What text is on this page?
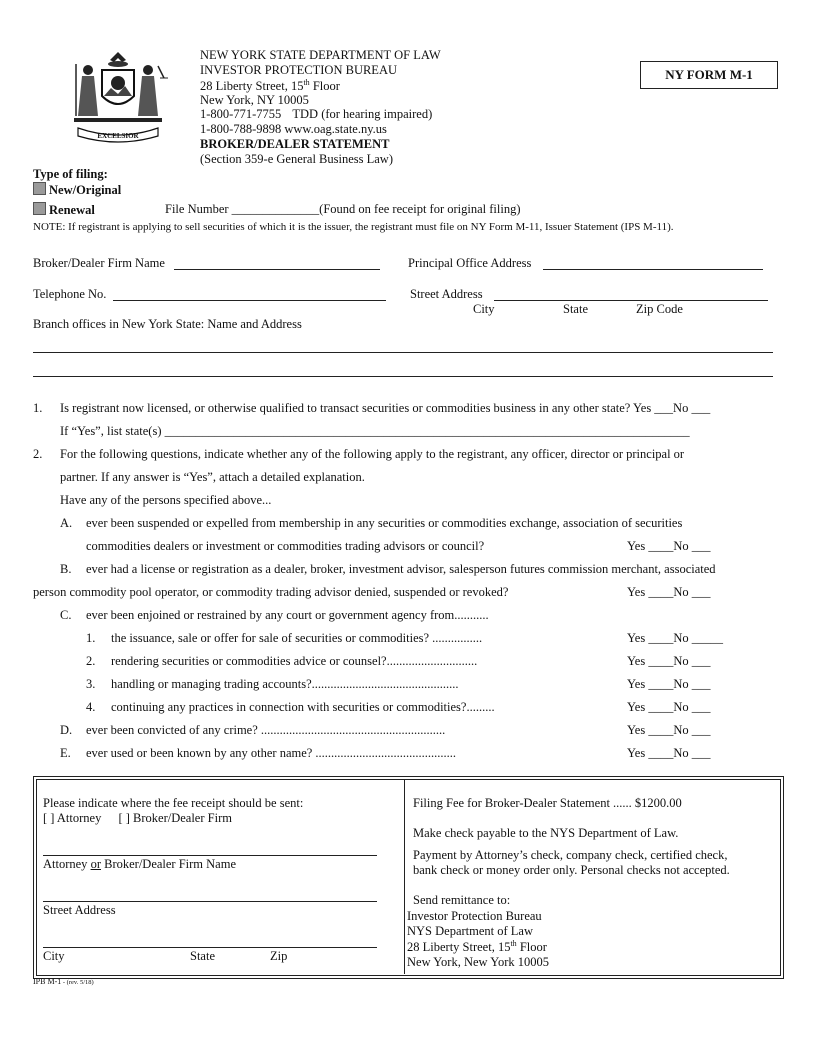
EXCELSIOR
NEW YORK STATE DEPARTMENT OF LAW
INVESTOR PROTECTION BUREAU
28 Liberty Street, 15th Floor
New York, NY 10005
1-800-771-7755 TDD (for hearing impaired)
1-800-788-9898 www.oag.state.ny.us
BROKER/DEALER STATEMENT
(Section 359-e General Business Law)
NY FORM M-1
Type of filing:
New/Original
Renewal	File Number ______________(Found on fee receipt for original filing)
NOTE: If registrant is applying to sell securities of which it is the issuer, the registrant must file on NY Form M-11, Issuer Statement (IPS M-11).
Broker/Dealer Firm Name	Principal Office Address
Telephone No.	Street Address
City	State	Zip Code
Branch offices in New York State: Name and Address
1. Is registrant now licensed, or otherwise qualified to transact securities or commodities business in any other state? Yes ___No ___
If “Yes”, list state(s) ____________________________________________________________________________________
2. For the following questions, indicate whether any of the following apply to the registrant, any officer, director or principal or
partner. If any answer is “Yes”, attach a detailed explanation.
Have any of the persons specified above...
A. ever been suspended or expelled from membership in any securities or commodities exchange, association of securities
commodities dealers or investment or commodities trading advisors or council?	Yes ____No ___
B. ever had a license or registration as a dealer, broker, investment advisor, salesperson futures commission merchant, associated
person commodity pool operator, or commodity trading advisor denied, suspended or revoked?	Yes ____No ___
C. ever been enjoined or restrained by any court or government agency from...........
1. the issuance, sale or offer for sale of securities or commodities? ................	Yes ____No _____
2. rendering securities or commodities advice or counsel?.............................	Yes ____No ___
3. handling or managing trading accounts?...............................................	Yes ____No ___
4. continuing any practices in connection with securities or commodities?.........	Yes ____No ___
D. ever been convicted of any crime? ...........................................................	Yes ____No ___
E. ever used or been known by any other name? .............................................	Yes ____No ___
Please indicate where the fee receipt should be sent:
[ ] Attorney [ ] Broker/Dealer Firm
Attorney or Broker/Dealer Firm Name
Street Address
City	State	Zip
Filing Fee for Broker-Dealer Statement ...... $1200.00
Make check payable to the NYS Department of Law.
Payment by Attorney’s check, company check, certified check,
bank check or money order only. Personal checks not accepted.
Send remittance to:
Investor Protection Bureau
NYS Department of Law
28 Liberty Street, 15th Floor
New York, New York 10005
IPB M-1 - (rev. 5/18)
